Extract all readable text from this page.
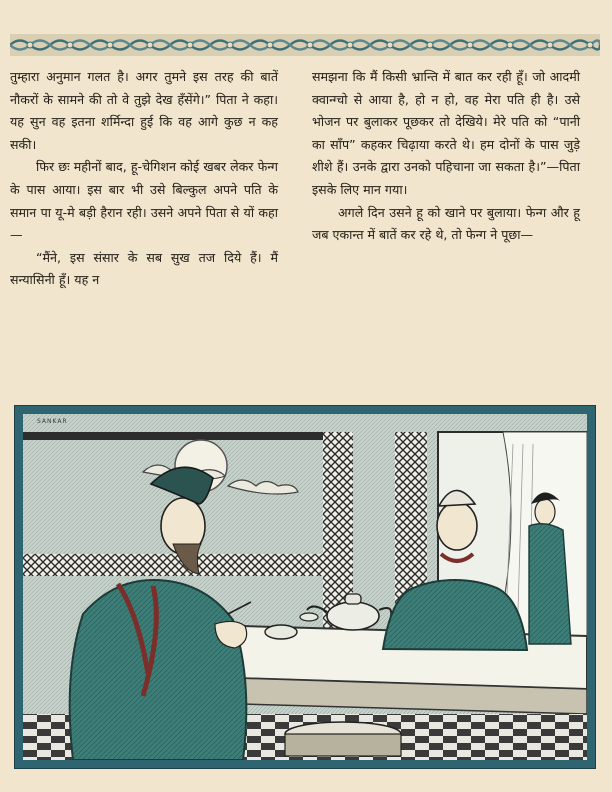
तुम्हारा अनुमान गलत है। अगर तुमने इस तरह की बातें नौकरों के सामने की तो वे तुझे देख हँसेंगे।” पिता ने कहा। यह सुन वह इतना शर्मिन्दा हुई कि वह आगे कुछ न कह सकी।

फिर छः महीनों बाद, हू-चेगिशन कोई खबर लेकर फेन्ग के पास आया। इस बार भी उसे बिल्कुल अपने पति के समान पा यू-मे बड़ी हैरान रही। उसने अपने पिता से यों कहा—

“मैंने, इस संसार के सब सुख तज दिये हैं। मैं सन्यासिनी हूँ। यह न

समझना कि मैं किसी भ्रान्ति में बात कर रही हूँ। जो आदमी क्वान्ग्चो से आया है, हो न हो, वह मेरा पति ही है। उसे भोजन पर बुलाकर पूछकर तो देखिये। मेरे पति को “पानी का साँप” कहकर चिढ़ाया करते थे। हम दोनों के पास जुड़े शीशे हैं। उनके द्वारा उनको पहिचाना जा सकता है।”—पिता इसके लिए मान गया।

अगले दिन उसने हू को खाने पर बुलाया। फेन्ग और हू जब एकान्त में बातें कर रहे थे, तो फेन्ग ने पूछा—

SANKAR
